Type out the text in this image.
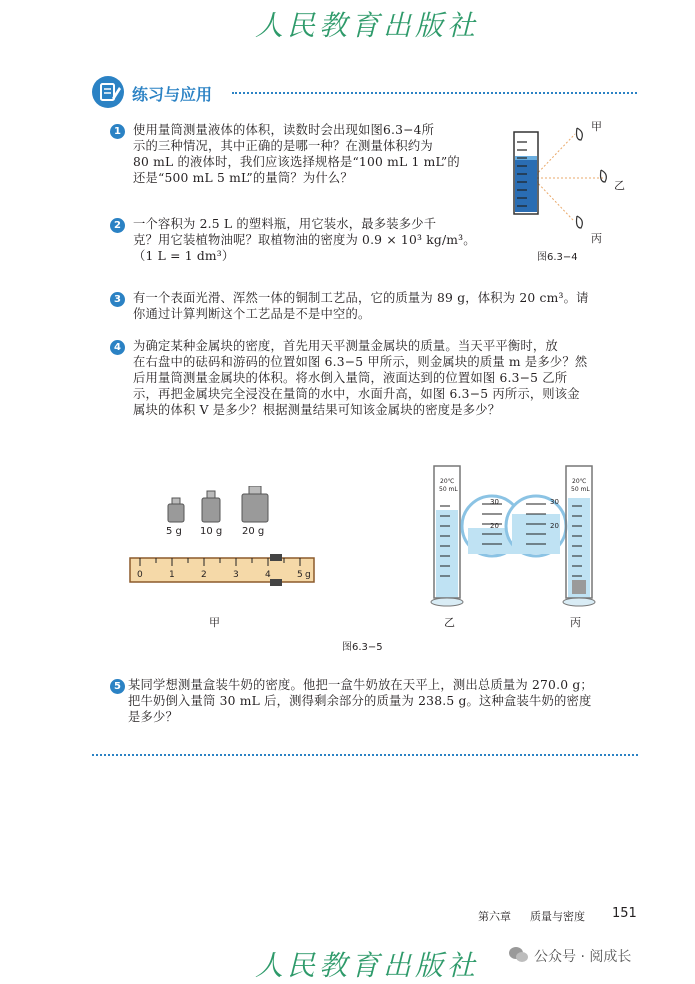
人民教育出版社
练习与应用
1 使用量筒测量液体的体积，读数时会出现如图6.3−4所
示的三种情况，其中正确的是哪一种？在测量体积约为
80 mL 的液体时，我们应该选择规格是“100 mL 1 mL”的
还是“500 mL 5 mL”的量筒？为什么？
2 一个容积为 2.5 L 的塑料瓶，用它装水，最多装多少千
克？用它装植物油呢？取植物油的密度为 0.9 × 10³ kg/m³。
（1 L = 1 dm³）
甲
乙
丙
图6.3−4
3 有一个表面光滑、浑然一体的铜制工艺品，它的质量为 89 g，体积为 20 cm³。请
你通过计算判断这个工艺品是不是中空的。
4 为确定某种金属块的密度，首先用天平测量金属块的质量。当天平平衡时，放
在右盘中的砝码和游码的位置如图 6.3−5 甲所示，则金属块的质量 m 是多少？然
后用量筒测量金属块的体积。将水倒入量筒，液面达到的位置如图 6.3−5 乙所
示，再把金属块完全浸没在量筒的水中，水面升高，如图 6.3−5 丙所示，则该金
属块的体积 V 是多少？根据测量结果可知该金属块的密度是多少？
5 g 10 g 20 g
0	1	2	3	4	5 g
甲
20℃
50 mL
20℃
50 mL
30
20
30
20
乙	丙
图6.3−5
5 某同学想测量盒装牛奶的密度。他把一盒牛奶放在天平上，测出总质量为 270.0 g；
把牛奶倒入量筒 30 mL 后，测得剩余部分的质量为 238.5 g。这种盒装牛奶的密度
是多少？
第六章 质量与密度 151
人民教育出版社	公众号 · 阅成长
